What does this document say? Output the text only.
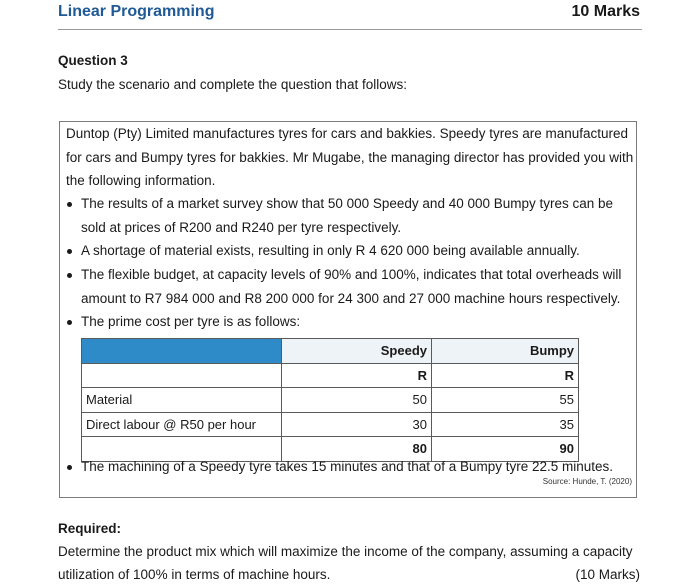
Linear Programming	10 Marks
Question 3
Study the scenario and complete the question that follows:
Duntop (Pty) Limited manufactures tyres for cars and bakkies. Speedy tyres are manufactured for cars and Bumpy tyres for bakkies. Mr Mugabe, the managing director has provided you with the following information.
The results of a market survey show that 50 000 Speedy and 40 000 Bumpy tyres can be sold at prices of R200 and R240 per tyre respectively.
A shortage of material exists, resulting in only R 4 620 000 being available annually.
The flexible budget, at capacity levels of 90% and 100%, indicates that total overheads will amount to R7 984 000 and R8 200 000 for 24 300 and 27 000 machine hours respectively.
The prime cost per tyre is as follows:
	Speedy	Bumpy
	R	R
Material	50	55
Direct labour @ R50 per hour	30	35
	80	90
The machining of a Speedy tyre takes 15 minutes and that of a Bumpy tyre 22.5 minutes.
Source: Hunde, T. (2020)
Required:
Determine the product mix which will maximize the income of the company, assuming a capacity
utilization of 100% in terms of machine hours.	(10 Marks)
